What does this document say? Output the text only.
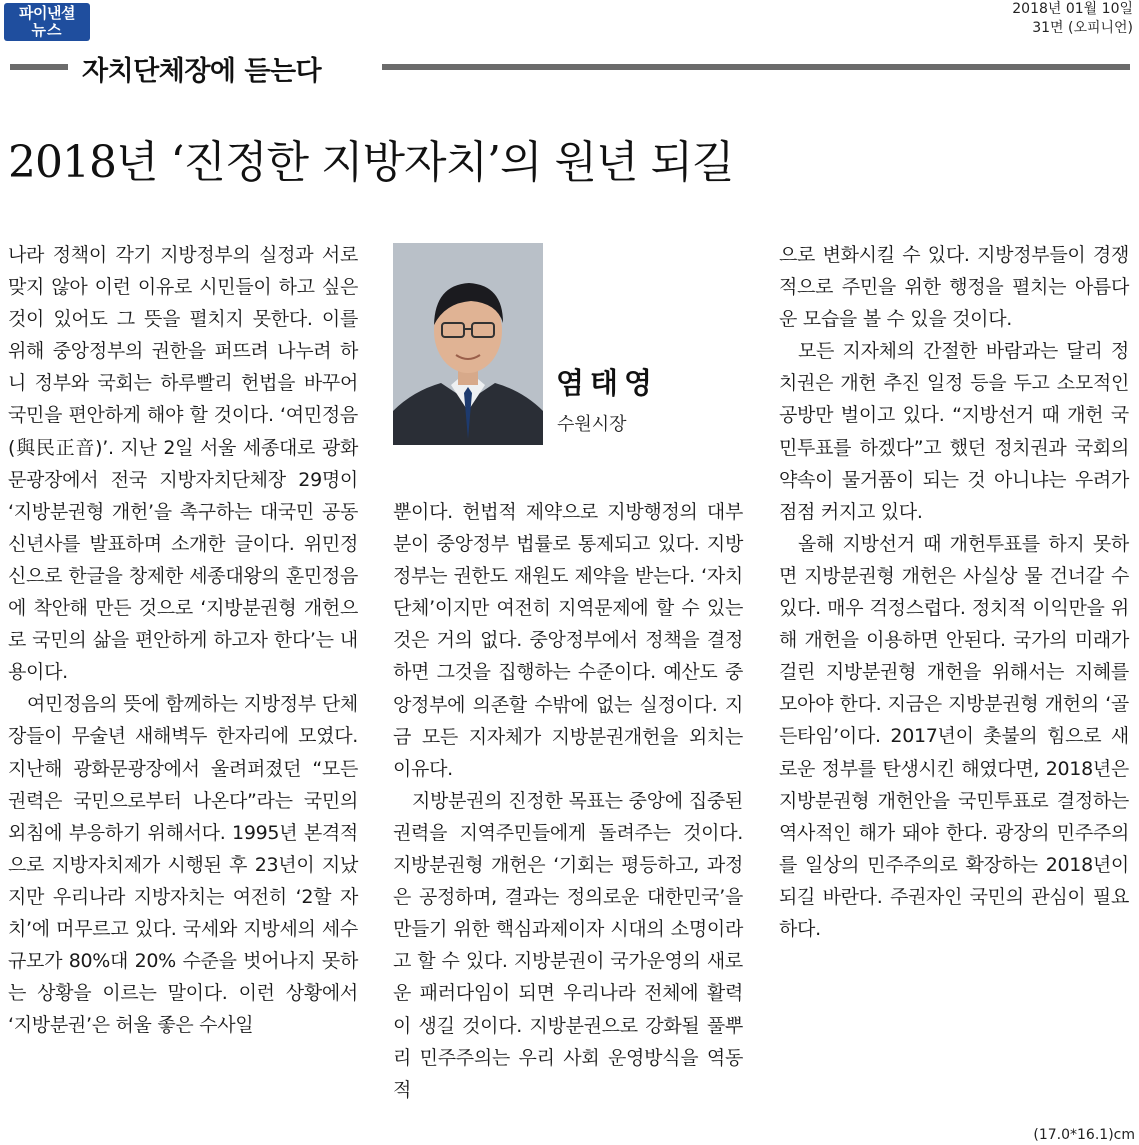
파이낸셜
뉴스
2018년 01월 10일
31면 (오피니언)
자치단체장에 듣는다
2018년 ‘진정한 지방자치’의 원년 되길

나라 정책이 각기 지방정부의 실정과 서로 맞지 않아 이런 이유로 시민들이 하고 싶은 것이 있어도 그 뜻을 펼치지 못한다. 이를 위해 중앙정부의 권한을 퍼뜨려 나누려 하니 정부와 국회는 하루빨리 헌법을 바꾸어 국민을 편안하게 해야 할 것이다. ‘여민정음(與民正音)’. 지난 2일 서울 세종대로 광화문광장에서 전국 지방자치단체장 29명이 ‘지방분권형 개헌’을 촉구하는 대국민 공동 신년사를 발표하며 소개한 글이다. 위민정신으로 한글을 창제한 세종대왕의 훈민정음에 착안해 만든 것으로 ‘지방분권형 개헌으로 국민의 삶을 편안하게 하고자 한다’는 내용이다.

여민정음의 뜻에 함께하는 지방정부 단체장들이 무술년 새해벽두 한자리에 모였다. 지난해 광화문광장에서 울려퍼졌던 “모든 권력은 국민으로부터 나온다”라는 국민의 외침에 부응하기 위해서다. 1995년 본격적으로 지방자치제가 시행된 후 23년이 지났지만 우리나라 지방자치는 여전히 ‘2할 자치’에 머무르고 있다. 국세와 지방세의 세수 규모가 80%대 20% 수준을 벗어나지 못하는 상황을 이르는 말이다. 이런 상황에서 ‘지방분권’은 허울 좋은 수사일

염태영
수원시장

뿐이다. 헌법적 제약으로 지방행정의 대부분이 중앙정부 법률로 통제되고 있다. 지방정부는 권한도 재원도 제약을 받는다. ‘자치단체’이지만 여전히 지역문제에 할 수 있는 것은 거의 없다. 중앙정부에서 정책을 결정하면 그것을 집행하는 수준이다. 예산도 중앙정부에 의존할 수밖에 없는 실정이다. 지금 모든 지자체가 지방분권개헌을 외치는 이유다.

지방분권의 진정한 목표는 중앙에 집중된 권력을 지역주민들에게 돌려주는 것이다. 지방분권형 개헌은 ‘기회는 평등하고, 과정은 공정하며, 결과는 정의로운 대한민국’을 만들기 위한 핵심과제이자 시대의 소명이라고 할 수 있다. 지방분권이 국가운영의 새로운 패러다임이 되면 우리나라 전체에 활력이 생길 것이다. 지방분권으로 강화될 풀뿌리 민주주의는 우리 사회 운영방식을 역동적

으로 변화시킬 수 있다. 지방정부들이 경쟁적으로 주민을 위한 행정을 펼치는 아름다운 모습을 볼 수 있을 것이다.

모든 지자체의 간절한 바람과는 달리 정치권은 개헌 추진 일정 등을 두고 소모적인 공방만 벌이고 있다. “지방선거 때 개헌 국민투표를 하겠다”고 했던 정치권과 국회의 약속이 물거품이 되는 것 아니냐는 우려가 점점 커지고 있다.

올해 지방선거 때 개헌투표를 하지 못하면 지방분권형 개헌은 사실상 물 건너갈 수 있다. 매우 걱정스럽다. 정치적 이익만을 위해 개헌을 이용하면 안된다. 국가의 미래가 걸린 지방분권형 개헌을 위해서는 지혜를 모아야 한다. 지금은 지방분권형 개헌의 ‘골든타임’이다. 2017년이 촛불의 힘으로 새로운 정부를 탄생시킨 해였다면, 2018년은 지방분권형 개헌안을 국민투표로 결정하는 역사적인 해가 돼야 한다. 광장의 민주주의를 일상의 민주주의로 확장하는 2018년이 되길 바란다. 주권자인 국민의 관심이 필요하다.

(17.0*16.1)cm
